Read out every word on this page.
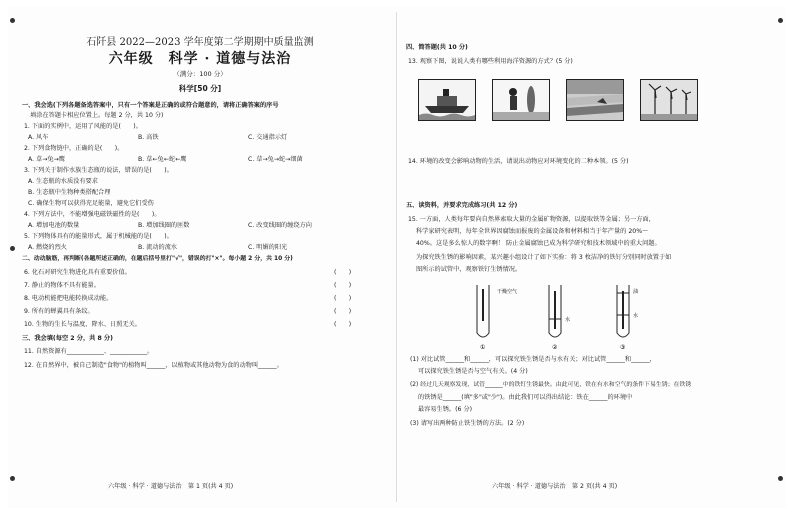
石阡县 2022—2023 学年度第二学期期中质量监测
六年级　科学 · 道德与法治
（满分：100 分）
科学[50 分]
一、我会选(下列各题备选答案中，只有一个答案是正确的或符合题意的，请将正确答案的序号
填涂在答题卡相应位置上。每题 2 分，共 10 分)
1. 下面的实例中，运用了风能的是(　　)。
A. 风车	B. 高铁	C. 交通指示灯
2. 下列食物链中，正确的是(　　)。
A. 草→兔→鹰	B. 草←兔←蛇←鹰	C. 草→兔→蛇→细菌
3. 下列关于制作水族生态瓶的说法，错误的是(　　)。
A. 生态瓶的水质没有要求
B. 生态瓶中生物种类搭配合理
C. 确保生物可以获得充足能量，避免它们受伤
4. 下列方法中，不能增强电磁铁磁性的是(　　)。
A. 增加电池的数量	B. 增加线圈的匝数	C. 改变线圈的缠绕方向
5. 下列物体具有的能量形式，属于机械能的是(　　)。
A. 燃烧的烈火	B. 流动的流水	C. 明媚的阳光
二、动动脑筋，再判断(各题所述正确的，在题后括号里打"√"，错误的打"×"。每小题 2 分，共 10 分)
6. 化石对研究生物进化具有重要价值。	(　　)
7. 静止的物体不具有能量。	(　　)
8. 电动机能把电能转换成动能。	(　　)
9. 所有的蝉翼具有条纹。	(　　)
10. 生物的生长与温度、降水、日照无关。	(　　)
三、我会填(每空 2 分，共 8 分)
11. 自然资源有____________、____________。
12. 在自然界中，被自己制造"食物"的植物叫______，以植物或其他动物为食的动物叫______。
六年级 · 科学 · 道德与法治　第 1 页(共 4 页)
四、简答题(共 10 分)
13. 观察下图，说说人类有哪些利用海洋资源的方式？(5 分)
14. 环境的改变会影响动物的生活，请说出动物应对环境变化的二种本领。(5 分)
五、读资料，并要求完成练习(共 12 分)
15. 一方面，人类每年要向自然界索取大量的金属矿物资源，以提取铁等金属；另一方面，
科学家研究表明，每年全世界因腐蚀而报废的金属设备和材料相当于年产量的 20%～
40%。这是多么惊人的数字啊！ 防止金属腐蚀已成为科学研究和技术领域中的重大问题。
为探究铁生锈的影响因素，某兴趣小组设计了如下实验：将 3 枚洁净的铁钉分别同时放置于如
图所示的试管中，观察铁钉生锈情况。
干燥空气	油
水
水
①	②	③
(1) 对比试管______和______，可以探究铁生锈是否与水有关；对比试管______和______，
可以探究铁生锈是否与空气有关。(4 分)
(2) 经过几天观察发现，试管______中的铁钉生锈最快。由此可见，铁在有水和空气的条件下易生锈；在铁锈
的铁锈是______(填"多"或"少")。由此我们可以得出结论：铁在______的环境中
最容易生锈。(6 分)
(3) 请写出两种防止铁生锈的方法。(2 分)
六年级 · 科学 · 道德与法治　第 2 页(共 4 页)
